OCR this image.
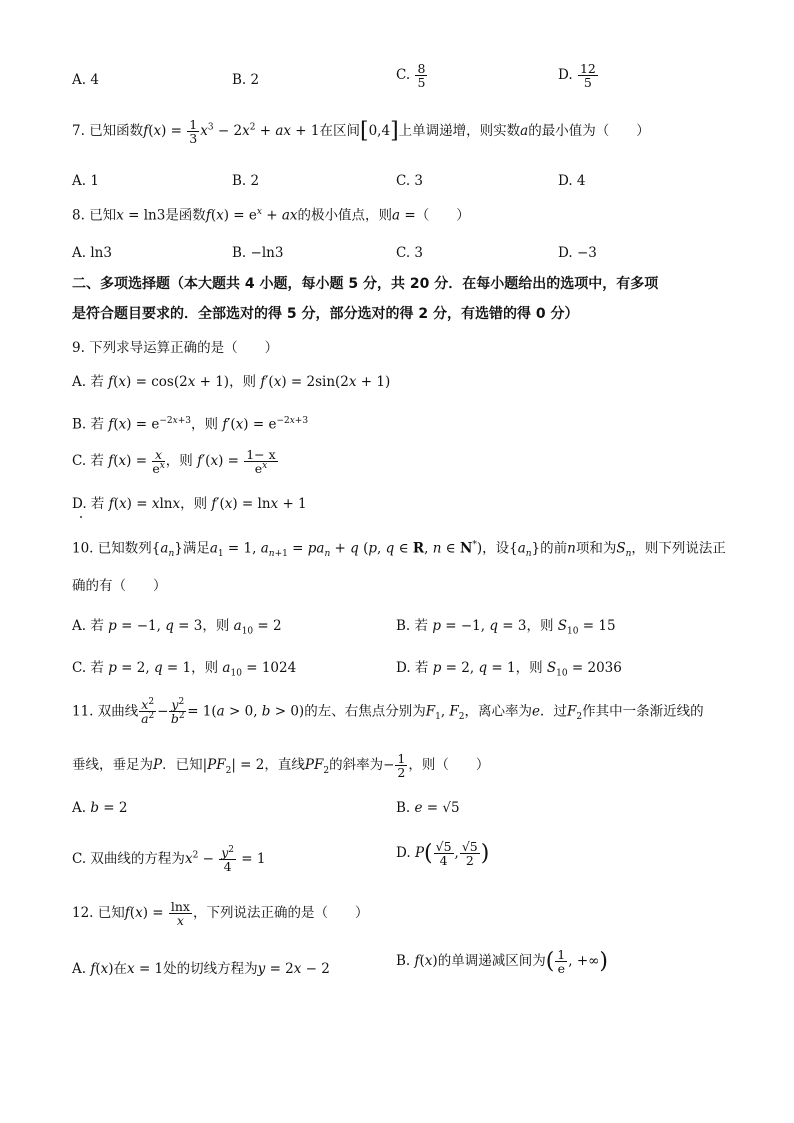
A. 4	B. 2	C. $\frac{8}{5}$	D. $\frac{12}{5}$
7. 已知函数$f(x) = \frac{1}{3} x^3 - 2x^2$ + ax + 1在区间[0,4]上单调递增，则实数a的最小值为（　　）
A. 1	B. 2	C. 3	D. 4
8. 已知x = ln3是函数$f(x) = e^x$ + ax的极小值点，则a =（　　）
A. ln3	B. −ln3	C. 3	D. −3
二、多项选择题（本大题共 4 小题，每小题 5 分，共 20 分．在每小题给出的选项中，有多项
是符合题目要求的．全部选对的得 5 分，部分选对的得 2 分，有选错的得 0 分）
9. 下列求导运算正确的是（　　）
A. 若 f(x) = cos(2x + 1)，则 f′(x) = 2sin(2x + 1)
B. 若 $f(x) = e^{-2x+3}$，则 $f'(x) = e^{-2x+3}$
C. 若 $f(x) = \frac{x}{e^x}$ ，则 $f'(x) = \frac{1- x}{e^x}$
D. 若 f(x) = xlnx，则 f′(x) = lnx + 1
10. 已知数列$\{a_n\}$满足$a_1 = 1$, $a_{n+1} = pa_n + q$ (p, q ∈ R, n ∈ N*)，设$\{a_n\}$的前n项和为$S_n$，则下列说法正
确的有（　　）
A. 若 p = −1, q = 3，则 $a_{10} = 2$	B. 若 p = −1, q = 3，则 $S_{10} = 15$
C. 若 p = 2, q = 1，则 $a_{10} = 1024$	D. 若 p = 2, q = 1，则 $S_{10} = 2036$
11. 双曲线 $\frac{x^2}{a^2} - \frac{y^2}{b^2} = 1(a > 0$, b > 0)的左、右焦点分别为$F_1$, $F_2$，离心率为e．过$F_2$作其中一条渐近线的
垂线，垂足为P．已知$|PF_2| = 2$，直线$PF_2$的斜率为− $\frac{1}{2}$ ，则（　　）
A. b = 2	B. e = √5
C. 双曲线的方程为$x^2 - \frac{y^2}{4} = 1$	D. $P( \frac{√5}{4}$ , $\frac{√5}{2}$ )
12. 已知$f(x) = \frac{\ln x}{x}$ ，下列说法正确的是（　　）
A. f(x)在x = 1处的切线方程为y = 2x − 2	B. f(x)的单调递减区间为( $\frac{1}{e}$ , +∞)
